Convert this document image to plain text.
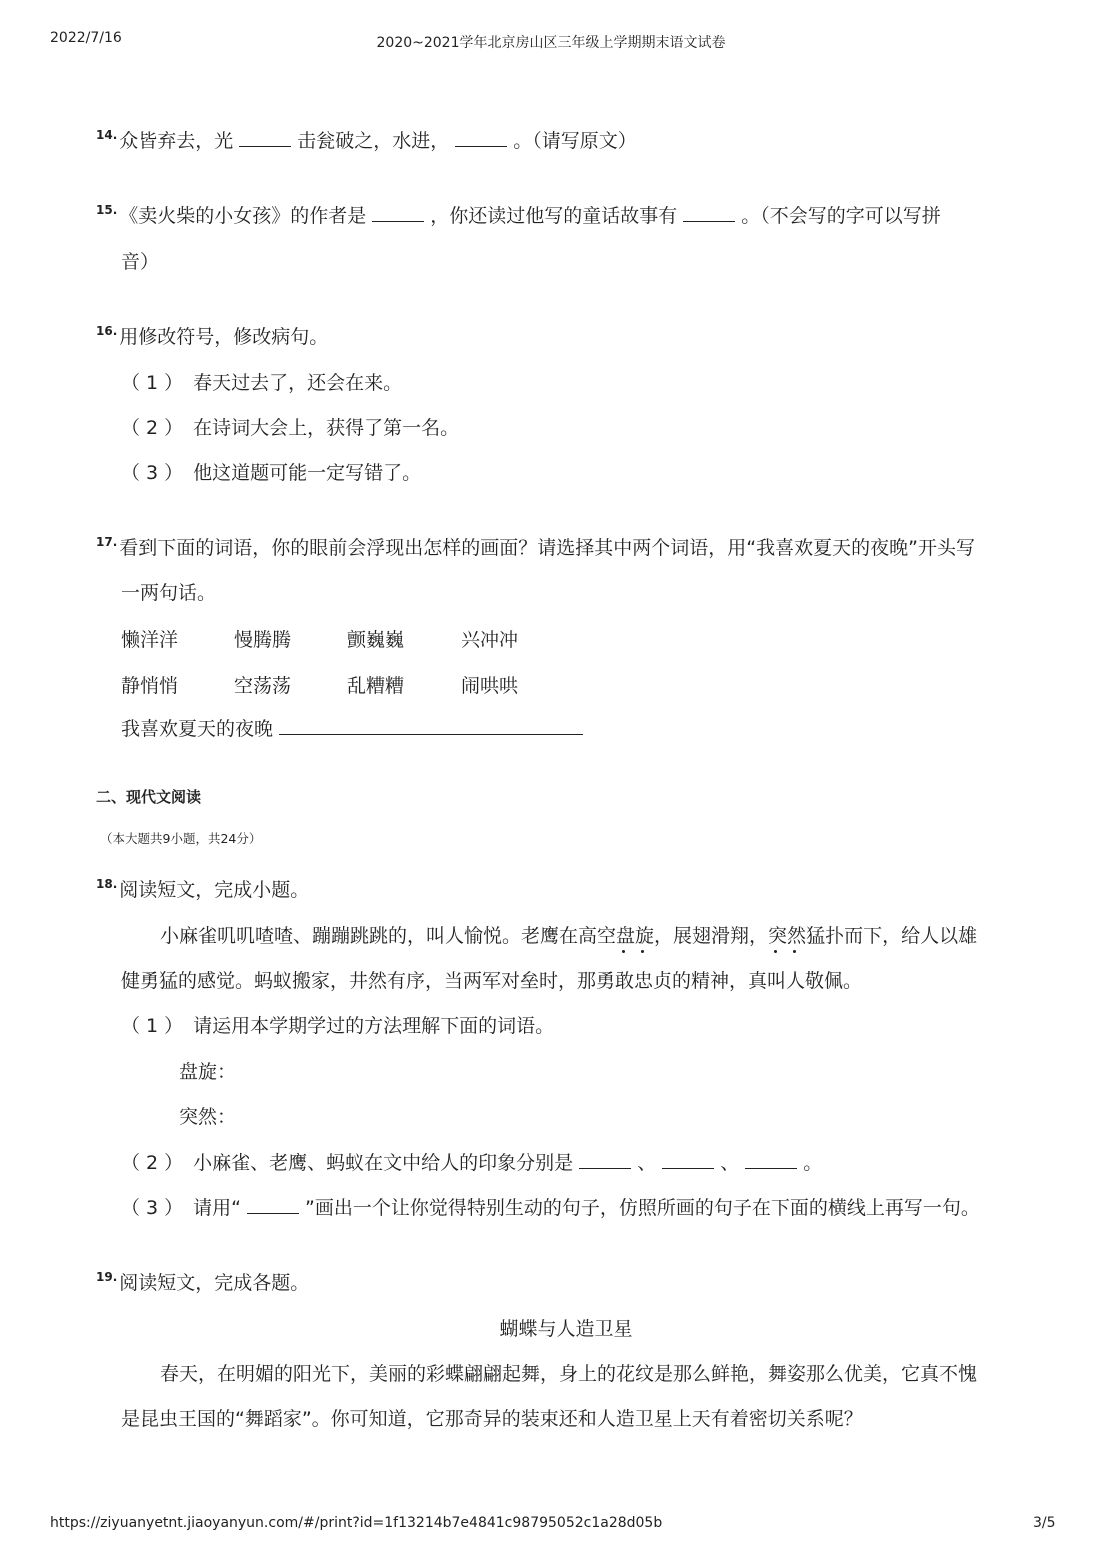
2022/7/16	2020~2021学年北京房山区三年级上学期期末语文试卷
$^{14.}$ 众皆弃去，光	击瓮破之，水进，	。（请写原文）
$^{15.}$ 《卖火柴的小女孩》的作者是	，你还读过他写的童话故事有	。（不会写的字可以写拼
音）
$^{16.}$ 用修改符号，修改病句。
（ 1 ） 春天过去了，还会在来。
（ 2 ） 在诗词大会上，获得了第一名。
（ 3 ） 他这道题可能一定写错了。
$^{17.}$ 看到下面的词语，你的眼前会浮现出怎样的画面？请选择其中两个词语，用“我喜欢夏天的夜晚”开头写
一两句话。
懒洋洋	慢腾腾	颤巍巍	兴冲冲
静悄悄	空荡荡	乱糟糟	闹哄哄
我喜欢夏天的夜晚
二、现代文阅读
（本大题共9小题，共24分）
$^{18.}$ 阅读短文，完成小题。
小麻雀叽叽喳喳、蹦蹦跳跳的，叫人愉悦。老鹰在高空盘旋
，展翅滑翔，突然
猛扑而下，给人以雄
健勇猛的感觉。蚂蚁搬家，井然有序，当两军对垒时，那勇敢忠贞的精神，真叫人敬佩。
（ 1 ） 请运用本学期学过的方法理解下面的词语。
盘旋：
突然：
（ 2 ） 小麻雀、老鹰、蚂蚁在文中给人的印象分别是	、	、	。
（ 3 ） 请用“	”画出一个让你觉得特别生动的句子，仿照所画的句子在下面的横线上再写一句。
$^{19.}$ 阅读短文，完成各题。
蝴蝶与人造卫星
春天，在明媚的阳光下，美丽的彩蝶翩翩起舞，身上的花纹是那么鲜艳，舞姿那么优美，它真不愧
是昆虫王国的“舞蹈家”。你可知道，它那奇异的装束还和人造卫星上天有着密切关系呢？
https://ziyuanyetnt.jiaoyanyun.com/#/print?id=1f13214b7e4841c98795052c1a28d05b	3/5
